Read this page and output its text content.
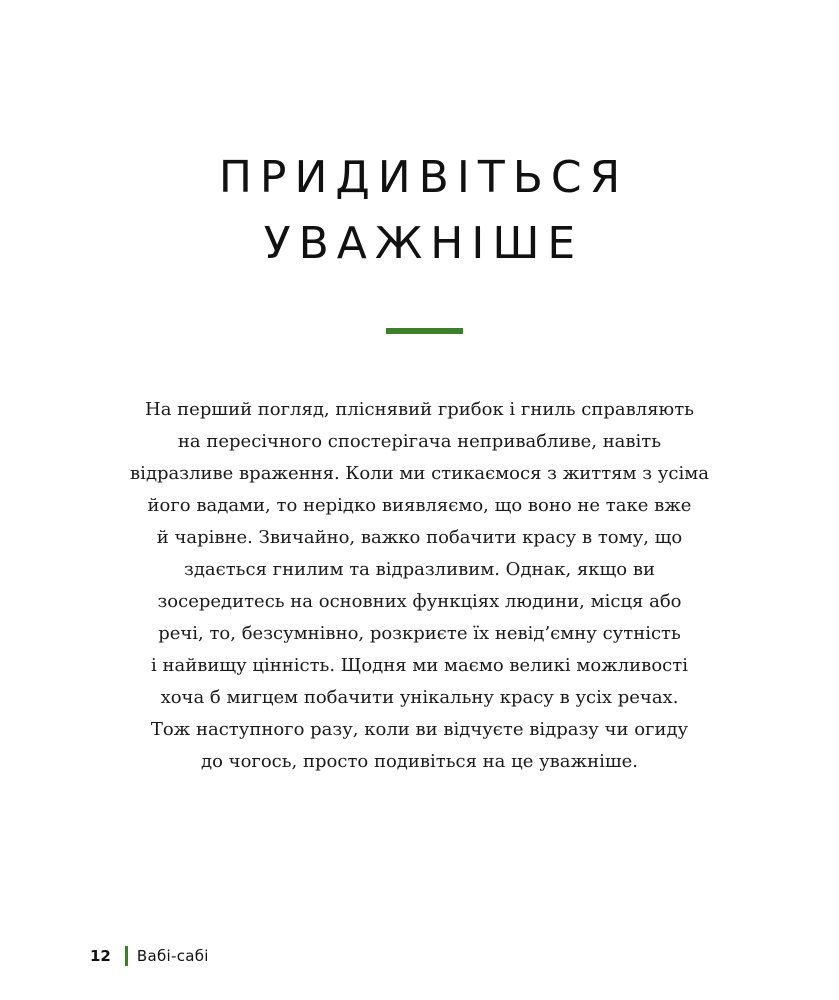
ПРИДИВІТЬСЯ
УВАЖНІШЕ
На перший погляд, пліснявий грибок і гниль справляють
на пересічного спостерігача непривабливе, навіть
відразливе враження. Коли ми стикаємося з життям з усіма
його вадами, то нерідко виявляємо, що воно не таке вже
й чарівне. Звичайно, важко побачити красу в тому, що
здається гнилим та відразливим. Однак, якщо ви
зосередитесь на основних функціях людини, місця або
речі, то, безсумнівно, розкриєте їх невід’ємну сутність
і найвищу цінність. Щодня ми маємо великі можливості
хоча б мигцем побачити унікальну красу в усіх речах.
Тож наступного разу, коли ви відчуєте відразу чи огиду
до чогось, просто подивіться на це уважніше.
12 Вабі-сабі
